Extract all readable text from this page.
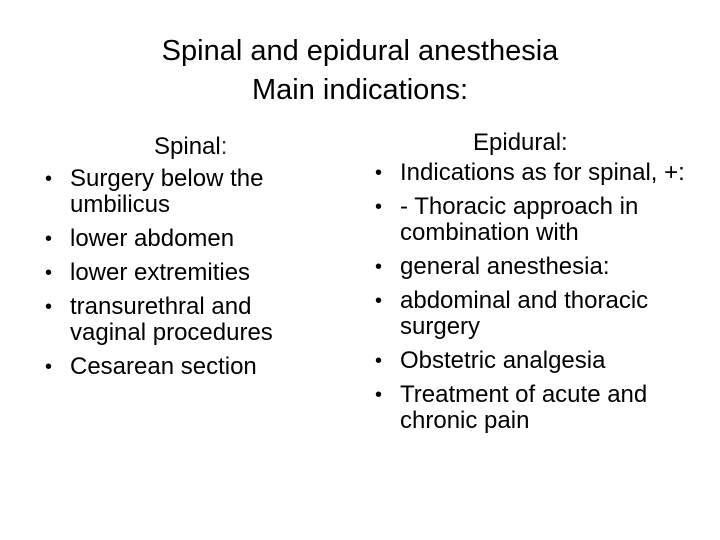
Spinal and epidural anesthesia
Main indications:
Spinal:
• Surgery below the umbilicus
• lower abdomen
• lower extremities
• transurethral and vaginal procedures
• Cesarean section
Epidural:
• Indications as for spinal, +:
• - Thoracic approach in combination with
• general anesthesia:
• abdominal and thoracic surgery
• Obstetric analgesia
• Treatment of acute and chronic pain
